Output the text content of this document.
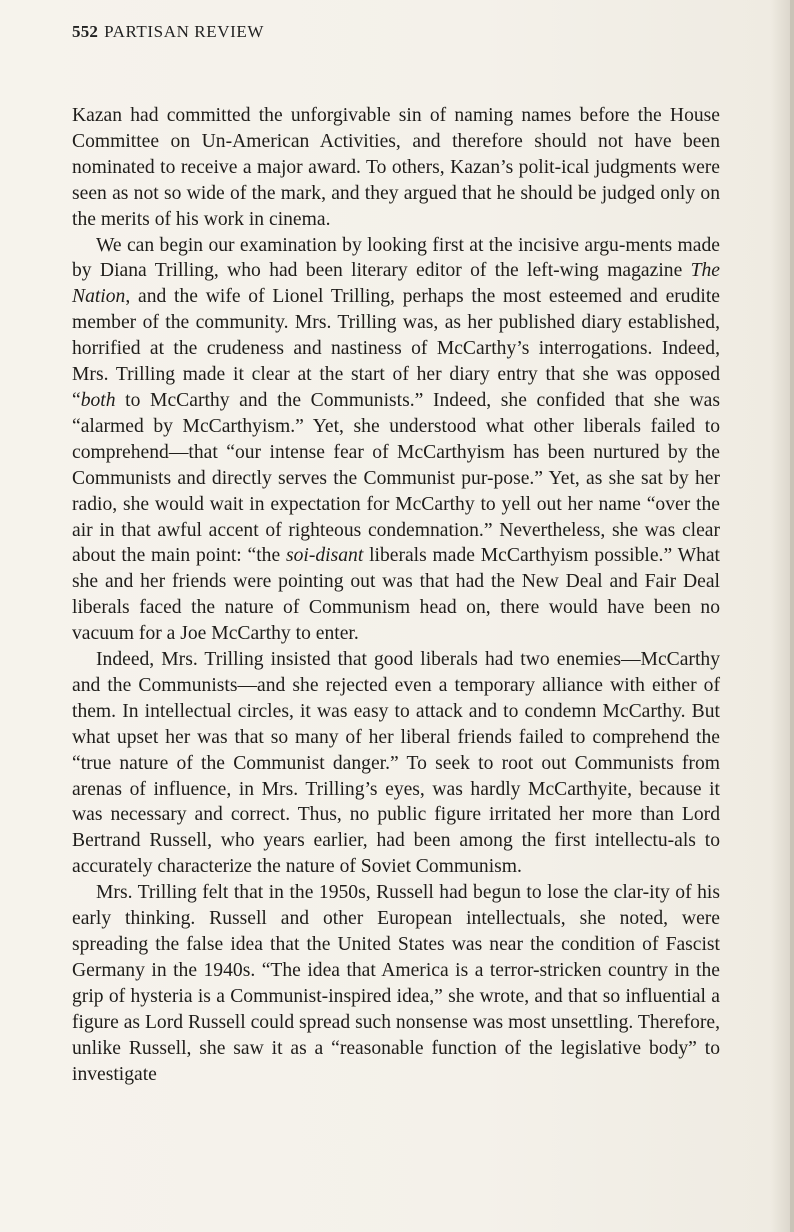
552 PARTISAN REVIEW

Kazan had committed the unforgivable sin of naming names before the House Committee on Un-American Activities, and therefore should not have been nominated to receive a major award. To others, Kazan’s polit-ical judgments were seen as not so wide of the mark, and they argued that he should be judged only on the merits of his work in cinema.

We can begin our examination by looking first at the incisive argu-ments made by Diana Trilling, who had been literary editor of the left-wing magazine The Nation, and the wife of Lionel Trilling, perhaps the most esteemed and erudite member of the community. Mrs. Trilling was, as her published diary established, horrified at the crudeness and nastiness of McCarthy’s interrogations. Indeed, Mrs. Trilling made it clear at the start of her diary entry that she was opposed “both to McCarthy and the Communists.” Indeed, she confided that she was “alarmed by McCarthyism.” Yet, she understood what other liberals failed to comprehend—that “our intense fear of McCarthyism has been nurtured by the Communists and directly serves the Communist pur-pose.” Yet, as she sat by her radio, she would wait in expectation for McCarthy to yell out her name “over the air in that awful accent of righteous condemnation.” Nevertheless, she was clear about the main point: “the soi-disant liberals made McCarthyism possible.” What she and her friends were pointing out was that had the New Deal and Fair Deal liberals faced the nature of Communism head on, there would have been no vacuum for a Joe McCarthy to enter.

Indeed, Mrs. Trilling insisted that good liberals had two enemies—McCarthy and the Communists—and she rejected even a temporary alliance with either of them. In intellectual circles, it was easy to attack and to condemn McCarthy. But what upset her was that so many of her liberal friends failed to comprehend the “true nature of the Communist danger.” To seek to root out Communists from arenas of influence, in Mrs. Trilling’s eyes, was hardly McCarthyite, because it was necessary and correct. Thus, no public figure irritated her more than Lord Bertrand Russell, who years earlier, had been among the first intellectu-als to accurately characterize the nature of Soviet Communism.

Mrs. Trilling felt that in the 1950s, Russell had begun to lose the clar-ity of his early thinking. Russell and other European intellectuals, she noted, were spreading the false idea that the United States was near the condition of Fascist Germany in the 1940s. “The idea that America is a terror-stricken country in the grip of hysteria is a Communist-inspired idea,” she wrote, and that so influential a figure as Lord Russell could spread such nonsense was most unsettling. Therefore, unlike Russell, she saw it as a “reasonable function of the legislative body” to investigate
